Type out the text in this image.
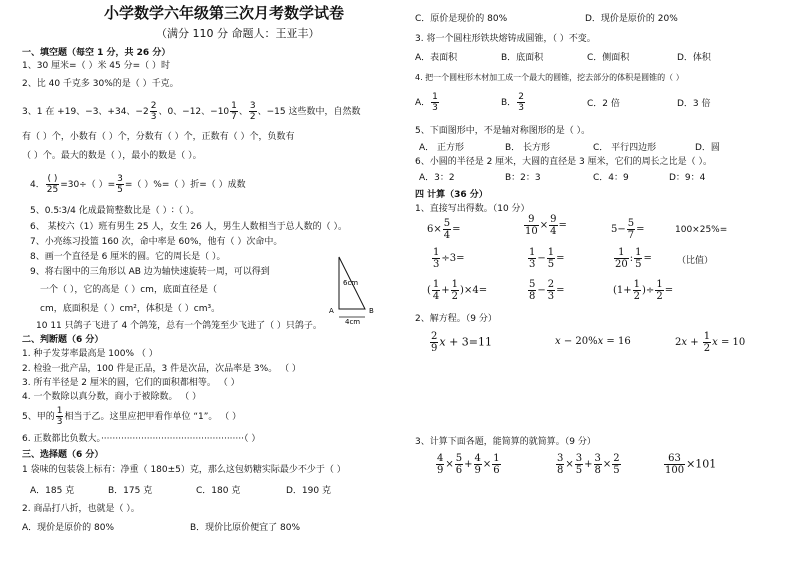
小学数学六年级第三次月考数学试卷
（满分 110 分 命题人：王亚丰）
一、填空题（每空 1 分，共 26 分）
1、30 厘米=（ ）米 45 分=（ ）时
2、比 40 千克多 30%的是（ ）千克。
3、1 在 +19、−3、+34、$-2 \frac{2}{3}$ 、0、−12、$-10 \frac{1}{7}$ 、 $\frac{3}{2}$ 、−15 这些数中，自然数
有（ ）个，小数有（ ）个，分数有（ ）个，正数有（ ）个，负数有
（ ）个。最大的数是（ ），最小的数是（ ）。
4． $\frac{( )}{25} =30\div$（ ）= $\frac{3}{5}$ =（ ）%=（ ）折=（ ）成数
5、0.5∶3/4 化成最简整数比是（ ）∶（ ）。
6、 某校六（1）班有男生 25 人，女生 26 人，男生人数相当于总人数的（ ）。
7、小亮练习投篮 160 次，命中率是 60%，他有（ ）次命中。
8、画一个直径是 6 厘米的圆。它的周长是（ ）。
9、将右图中的三角形以 AB 边为轴快速旋转一周，可以得到
一个（ ），它的高是（ ）cm，底面直径是（
cm，底面积是（ ）cm²，体积是（ ）cm³。
10 11 只鸽子飞进了 4 个鸽笼，总有一个鸽笼至少飞进了（ ）只鸽子。
6cm
4cm
A	B
二、判断题（6 分）
1. 种子发芽率最高是 100% （ ）
2. 检验一批产品，100 件是正品，3 件是次品，次品率是 3%。 （ ）
3. 所有半径是 2 厘米的圆，它们的面积都相等。 （ ）
4. 一个数除以真分数，商小于被除数。 （ ）
5、甲的 $\frac{1}{3}$ 相当于乙。这里应把甲看作单位 “1”。 （ ）
6. 正数都比负数大。··················································（ ）
三、选择题（6 分）
1 袋味的包装袋上标有：净重（ 180±5）克，那么这包奶糖实际最少不少于（ ）
A．185 克	B．175 克	C．180 克	D．190 克
2. 商品打八折，也就是（ ）。
A．现价是原价的 80%	B．现价比原价便宜了 80%
C．原价是现价的 80%	D．现价是原价的 20%
3. 将一个圆柱形铁块熔铸成圆锥，（ ）不变。
A．表面积	B．底面积	C．侧面积	D．体积
4. 把一个圆柱形木材加工成一个最大的圆锥，挖去部分的体积是圆锥的（ ）
A． $\frac{1}{3}$	B． $\frac{2}{3}$	C．2 倍	D．3 倍
5、下面图形中，不是轴对称图形的是（ ）。
A． 正方形	B． 长方形	C． 平行四边形	D．圆
6、小圆的半径是 2 厘米，大圆的直径是 3 厘米，它们的周长之比是（ ）。
A．3：2	B：2：3	C．4：9	D：9：4
四 计算（36 分）
1、直接写出得数。（10 分）
$6\times \frac{5}{4}$ =	$\frac{9}{10} \times \frac{9}{4}$ =	$5- \frac{5}{7}$ =	100×25%=
$\frac{1}{3} \div 3=$	$\frac{1}{3} - \frac{1}{5}$ =	$\frac{1}{20}$ : $\frac{1}{5}$ =	（比值）
( $\frac{1}{4} + \frac{1}{2} )\times 4=$	$\frac{5}{8} - \frac{2}{3}$ =	($1+ \frac{1}{2}$ )÷ $\frac{1}{2}$ =
2、解方程。（9 分）
$\frac{2}{9}$ x + 3=11	x − 20%x = 16	$2x + \frac{1}{2}$ x = 10
3、计算下面各题，能简算的就简算。（9 分）
$\frac{4}{9} \times \frac{5}{6} + \frac{4}{9} \times \frac{1}{6}$	$\frac{3}{8} \times \frac{3}{5} + \frac{3}{8} \times \frac{2}{5}$	$\frac{63}{100} \times 101$
